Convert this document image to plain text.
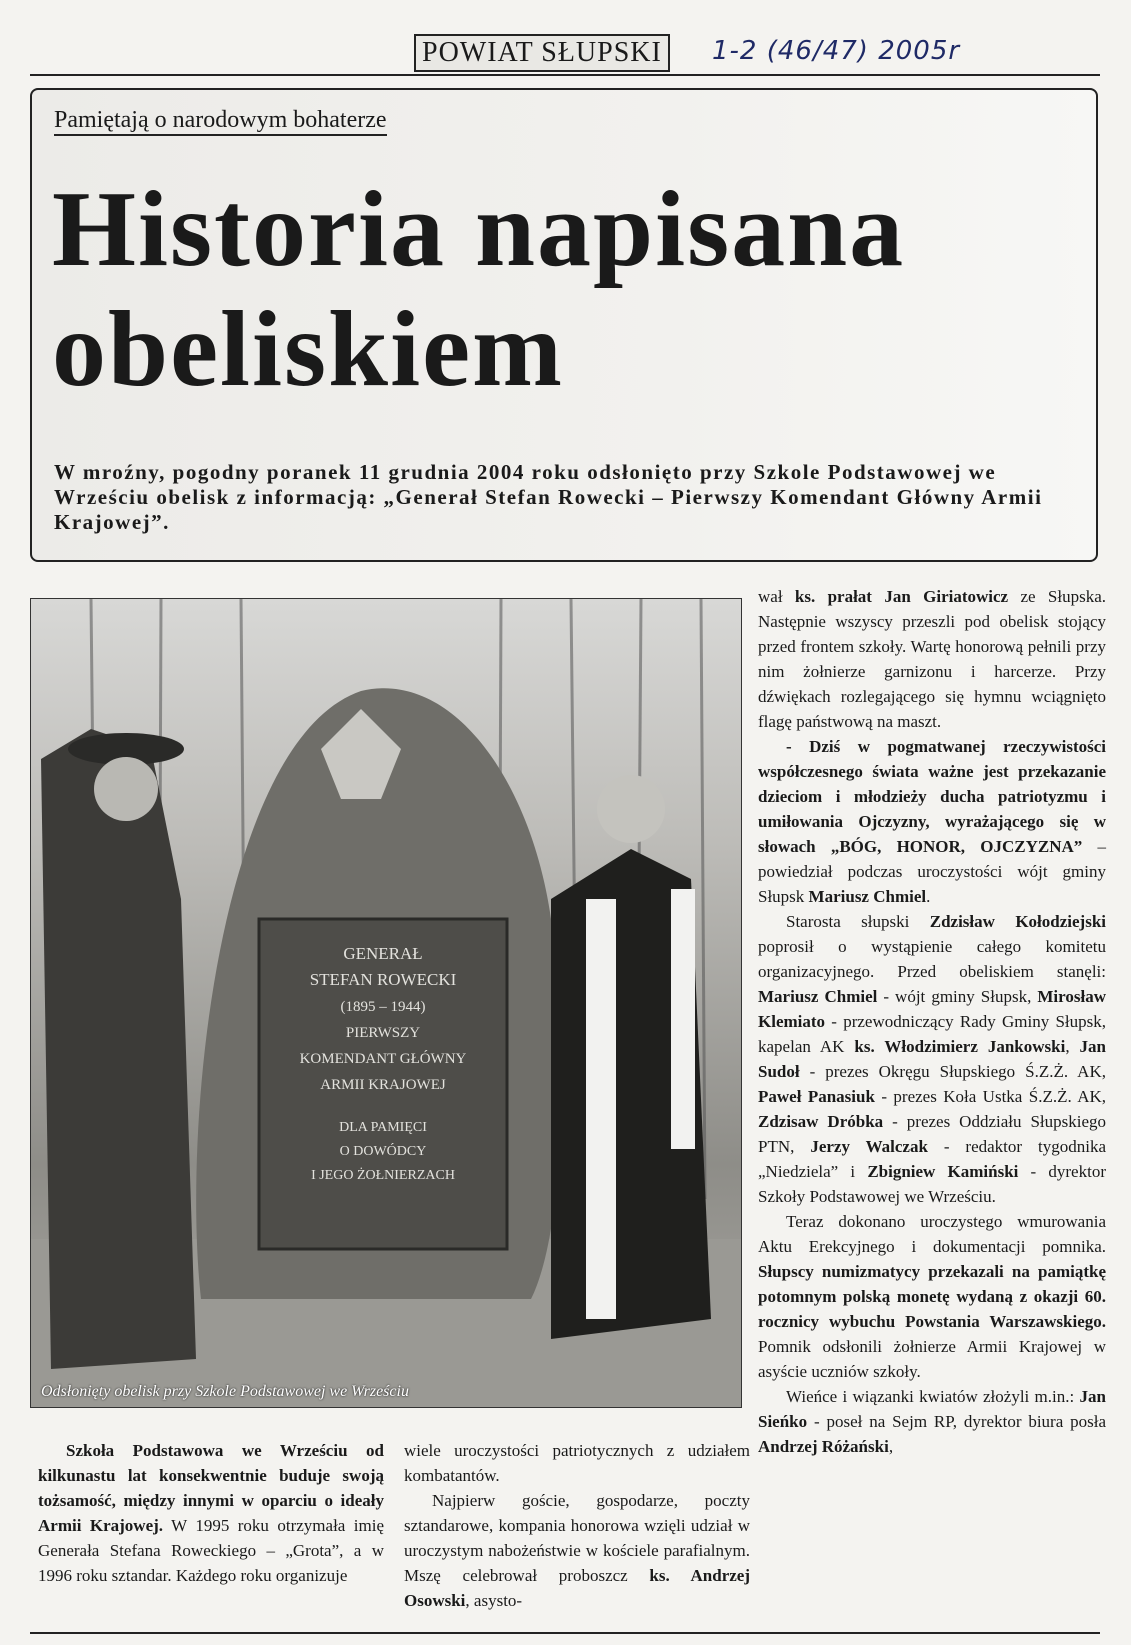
POWIAT SŁUPSKI	1-2 (46/47) 2005r
Pamiętają o narodowym bohaterze
Historia napisana
obeliskiem
W mroźny, pogodny poranek 11 grudnia 2004 roku odsłonięto przy Szkole Podstawowej we Wrześciu obelisk z informacją: „Generał Stefan Rowecki – Pierwszy Komendant Główny Armii Krajowej”.
GENERAŁ
STEFAN ROWECKI
(1895 – 1944)
PIERWSZY
KOMENDANT GŁÓWNY
ARMII KRAJOWEJ
DLA PAMIĘCI
O DOWÓDCY
I JEGO ŻOŁNIERZACH
Odsłonięty obelisk przy Szkole Podstawowej we Wrześciu

Szkoła Podstawowa we Wrześciu od kilkunastu lat konsekwentnie buduje swoją tożsamość, między innymi w oparciu o ideały Armii Krajowej. W 1995 roku otrzymała imię Generała Stefana Roweckiego – „Grota”, a w 1996 roku sztandar. Każdego roku organizuje

wiele uroczystości patriotycznych z udziałem kombatantów.

Najpierw goście, gospodarze, poczty sztandarowe, kompania honorowa wzięli udział w uroczystym nabożeństwie w kościele parafialnym. Mszę celebrował proboszcz ks. Andrzej Osowski, asysto-

wał ks. prałat Jan Giriatowicz ze Słupska. Następnie wszyscy przeszli pod obelisk stojący przed frontem szkoły. Wartę honorową pełnili przy nim żołnierze garnizonu i harcerze. Przy dźwiękach rozlegającego się hymnu wciągnięto flagę państwową na maszt.

- Dziś w pogmatwanej rzeczywistości współczesnego świata ważne jest przekazanie dzieciom i młodzieży ducha patriotyzmu i umiłowania Ojczyzny, wyrażającego się w słowach „BÓG, HONOR, OJCZYZNA” – powiedział podczas uroczystości wójt gminy Słupsk Mariusz Chmiel.

Starosta słupski Zdzisław Kołodziejski poprosił o wystąpienie całego komitetu organizacyjnego. Przed obeliskiem stanęli: Mariusz Chmiel - wójt gminy Słupsk, Mirosław Klemiato - przewodniczący Rady Gminy Słupsk, kapelan AK ks. Włodzimierz Jankowski, Jan Sudoł - prezes Okręgu Słupskiego Ś.Z.Ż. AK, Paweł Panasiuk - prezes Koła Ustka Ś.Z.Ż. AK, Zdzisaw Dróbka - prezes Oddziału Słupskiego PTN, Jerzy Walczak - redaktor tygodnika „Niedziela” i Zbigniew Kamiński - dyrektor Szkoły Podstawowej we Wrześciu.

Teraz dokonano uroczystego wmurowania Aktu Erekcyjnego i dokumentacji pomnika. Słupscy numizmatycy przekazali na pamiątkę potomnym polską monetę wydaną z okazji 60. rocznicy wybuchu Powstania Warszawskiego. Pomnik odsłonili żołnierze Armii Krajowej w asyście uczniów szkoły.

Wieńce i wiązanki kwiatów złożyli m.in.: Jan Sieńko - poseł na Sejm RP, dyrektor biura posła Andrzej Różański,
